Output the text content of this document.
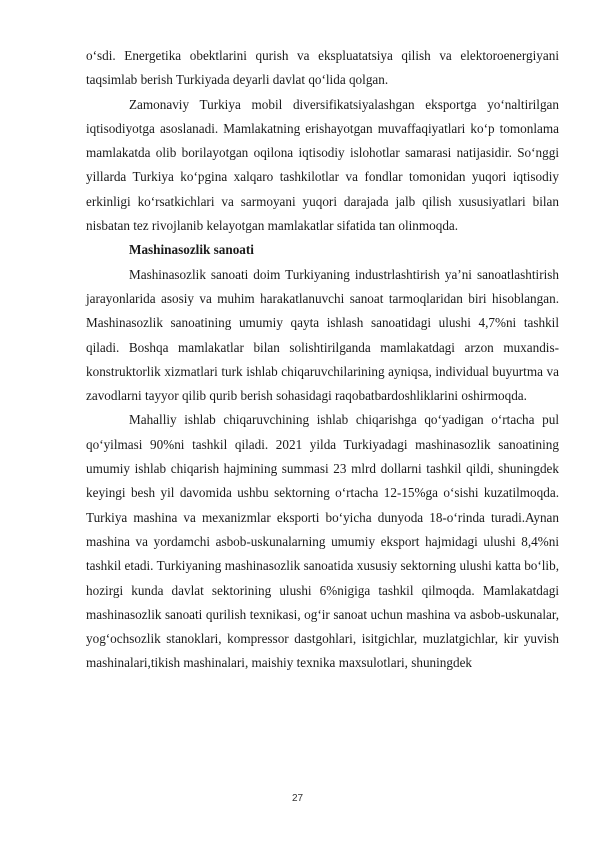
o‘sdi. Energetika obektlarini qurish va ekspluatatsiya qilish va elektoroenergiyani taqsimlab berish Turkiyada deyarli davlat qo‘lida qolgan.

Zamonaviy Turkiya mobil diversifikatsiyalashgan eksportga yo‘naltirilgan iqtisodiyotga asoslanadi. Mamlakatning erishayotgan muvaffaqiyatlari ko‘p tomonlama mamlakatda olib borilayotgan oqilona iqtisodiy islohotlar samarasi natijasidir. So‘nggi yillarda Turkiya ko‘pgina xalqaro tashkilotlar va fondlar tomonidan yuqori iqtisodiy erkinligi ko‘rsatkichlari va sarmoyani yuqori darajada jalb qilish xususiyatlari bilan nisbatan tez rivojlanib kelayotgan mamlakatlar sifatida tan olinmoqda.

Mashinasozlik sanoati

Mashinasozlik sanoati doim Turkiyaning industrlashtirish ya’ni sanoatlashtirish jarayonlarida asosiy va muhim harakatlanuvchi sanoat tarmoqlaridan biri hisoblangan. Mashinasozlik sanoatining umumiy qayta ishlash sanoatidagi ulushi 4,7%ni tashkil qiladi. Boshqa mamlakatlar bilan solishtirilganda mamlakatdagi arzon muxandis-konstruktorlik xizmatlari turk ishlab chiqaruvchilarining ayniqsa, individual buyurtma va zavodlarni tayyor qilib qurib berish sohasidagi raqobatbardoshliklarini oshirmoqda.

Mahalliy ishlab chiqaruvchining ishlab chiqarishga qo‘yadigan o‘rtacha pul qo‘yilmasi 90%ni tashkil qiladi. 2021 yilda Turkiyadagi mashinasozlik sanoatining umumiy ishlab chiqarish hajmining summasi 23 mlrd dollarni tashkil qildi, shuningdek keyingi besh yil davomida ushbu sektorning o‘rtacha 12-15%ga o‘sishi kuzatilmoqda. Turkiya mashina va mexanizmlar eksporti bo‘yicha dunyoda 18-o‘rinda turadi.Aynan mashina va yordamchi asbob-uskunalarning umumiy eksport hajmidagi ulushi 8,4%ni tashkil etadi. Turkiyaning mashinasozlik sanoatida xususiy sektorning ulushi katta bo‘lib, hozirgi kunda davlat sektorining ulushi 6%nigiga tashkil qilmoqda. Mamlakatdagi mashinasozlik sanoati qurilish texnikasi, og‘ir sanoat uchun mashina va asbob-uskunalar, yog‘ochsozlik stanoklari, kompressor dastgohlari, isitgichlar, muzlatgichlar, kir yuvish mashinalari,tikish mashinalari, maishiy texnika maxsulotlari, shuningdek

27
